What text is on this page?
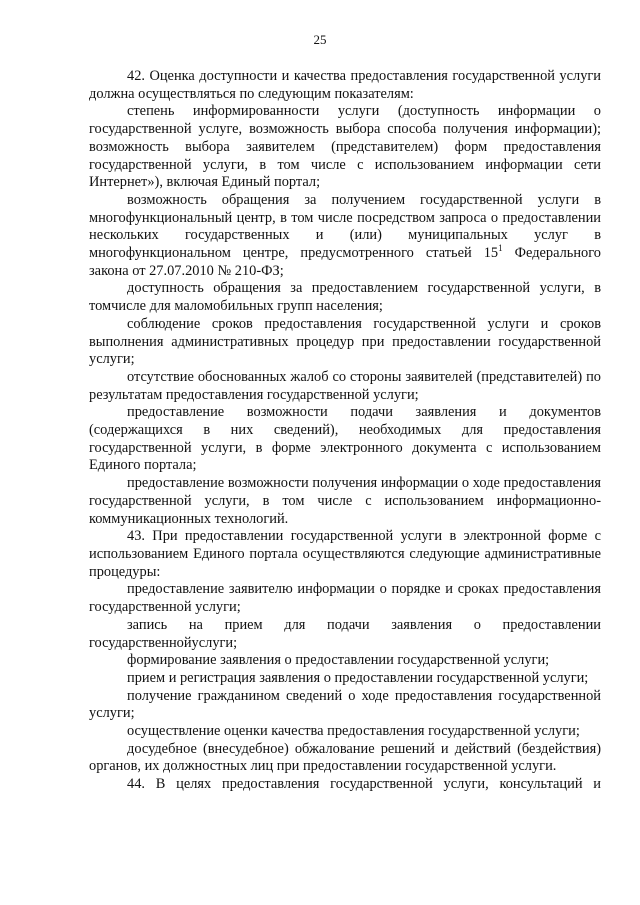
25

42. Оценка доступности и качества предоставления государственной услуги должна осуществляться по следующим показателям:

степень информированности услуги (доступность информации о государственной услуге, возможность выбора способа получения информации); возможность выбора заявителем (представителем) форм предоставления государственной услуги, в том числе с использованием информации сети Интернет»), включая Единый портал;

возможность обращения за получением государственной услуги в многофункциональный центр, в том числе посредством запроса о предоставлении нескольких государственных и (или) муниципальных услуг в многофункциональном центре, предусмотренного статьей $15^1$ Федерального закона от 27.07.2010 № 210-ФЗ;

доступность обращения за предоставлением государственной услуги, в томчисле для маломобильных групп населения;

соблюдение сроков предоставления государственной услуги и сроков выполнения административных процедур при предоставлении государственной услуги;

отсутствие обоснованных жалоб со стороны заявителей (представителей) по результатам предоставления государственной услуги;

предоставление возможности подачи заявления и документов (содержащихся в них сведений), необходимых для предоставления государственной услуги, в форме электронного документа с использованием Единого портала;

предоставление возможности получения информации о ходе предоставления государственной услуги, в том числе с использованием информационно-коммуникационных технологий.

43. При предоставлении государственной услуги в электронной форме с использованием Единого портала осуществляются следующие административные процедуры:

предоставление заявителю информации о порядке и сроках предоставления государственной услуги;

запись на прием для подачи заявления о предоставлении государственнойуслуги;

формирование заявления о предоставлении государственной услуги;

прием и регистрация заявления о предоставлении государственной услуги;

получение гражданином сведений о ходе предоставления государственной услуги;

осуществление оценки качества предоставления государственной услуги;

досудебное (внесудебное) обжалование решений и действий (бездействия) органов, их должностных лиц при предоставлении государственной услуги.

44. В целях предоставления государственной услуги, консультаций и
